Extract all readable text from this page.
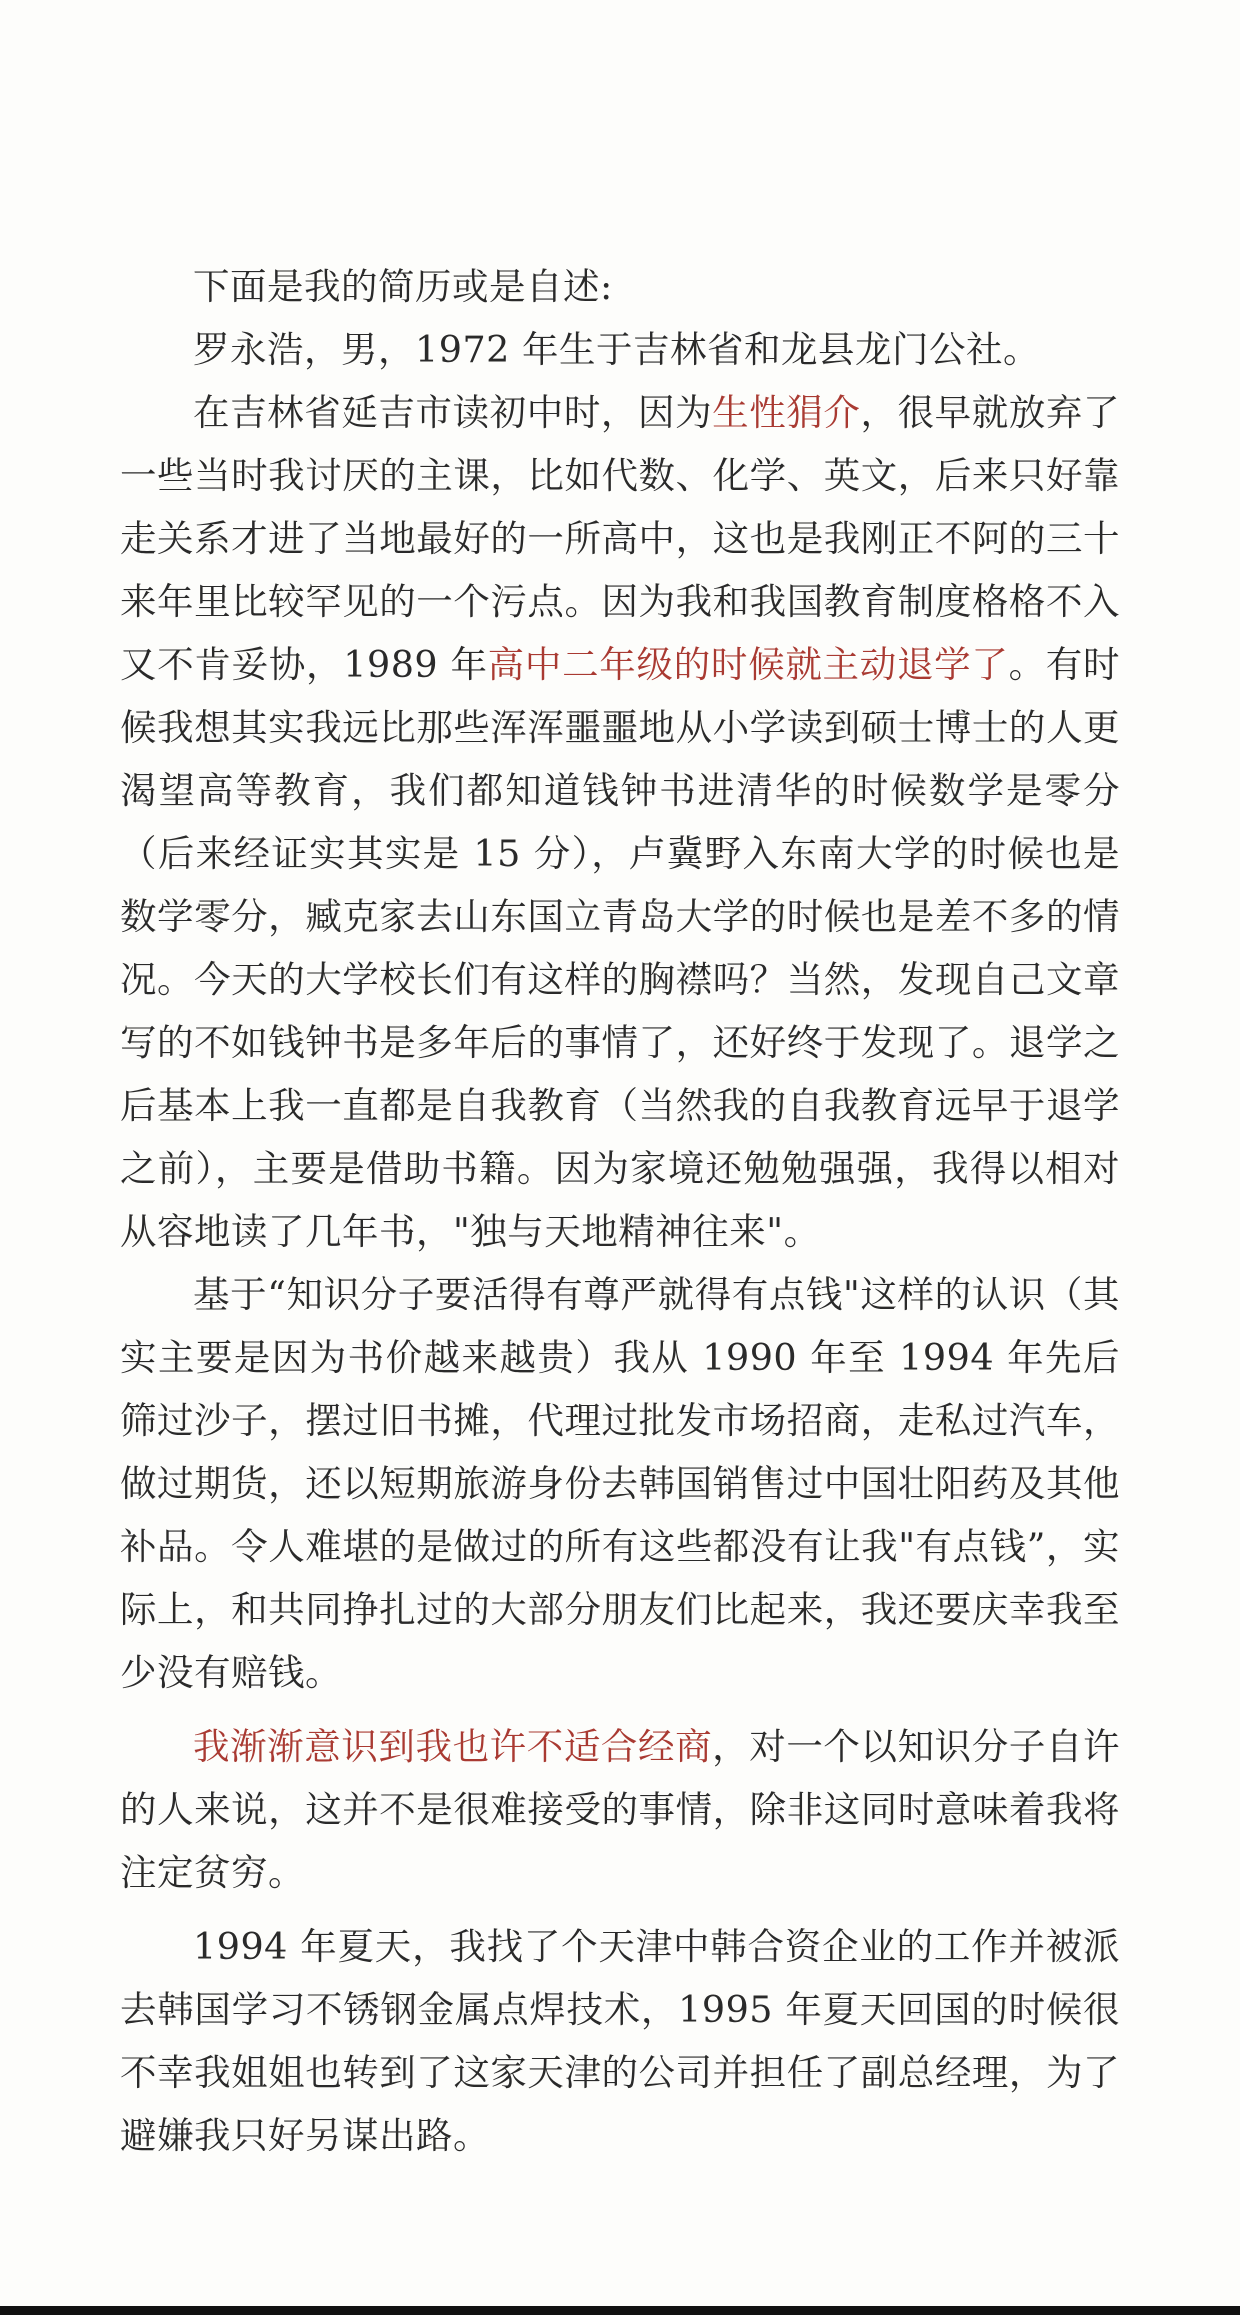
下面是我的简历或是自述:

罗永浩，男，1972 年生于吉林省和龙县龙门公社。

在吉林省延吉市读初中时，因为生性狷介，很早就放弃了一些当时我讨厌的主课，比如代数、化学、英文，后来只好靠走关系才进了当地最好的一所高中，这也是我刚正不阿的三十来年里比较罕见的一个污点。因为我和我国教育制度格格不入又不肯妥协，1989 年高中二年级的时候就主动退学了。有时候我想其实我远比那些浑浑噩噩地从小学读到硕士博士的人更渴望高等教育，我们都知道钱钟书进清华的时候数学是零分（后来经证实其实是 15 分），卢冀野入东南大学的时候也是数学零分，臧克家去山东国立青岛大学的时候也是差不多的情况。今天的大学校长们有这样的胸襟吗？当然，发现自己文章写的不如钱钟书是多年后的事情了，还好终于发现了。退学之后基本上我一直都是自我教育（当然我的自我教育远早于退学之前），主要是借助书籍。因为家境还勉勉强强，我得以相对从容地读了几年书，"独与天地精神往来"。

基于“知识分子要活得有尊严就得有点钱"这样的认识（其实主要是因为书价越来越贵）我从 1990 年至 1994 年先后筛过沙子，摆过旧书摊，代理过批发市场招商，走私过汽车，做过期货，还以短期旅游身份去韩国销售过中国壮阳药及其他补品。令人难堪的是做过的所有这些都没有让我"有点钱”，实际上，和共同挣扎过的大部分朋友们比起来，我还要庆幸我至少没有赔钱。

我渐渐意识到我也许不适合经商，对一个以知识分子自许的人来说，这并不是很难接受的事情，除非这同时意味着我将注定贫穷。

1994 年夏天，我找了个天津中韩合资企业的工作并被派去韩国学习不锈钢金属点焊技术，1995 年夏天回国的时候很不幸我姐姐也转到了这家天津的公司并担任了副总经理，为了避嫌我只好另谋出路。
